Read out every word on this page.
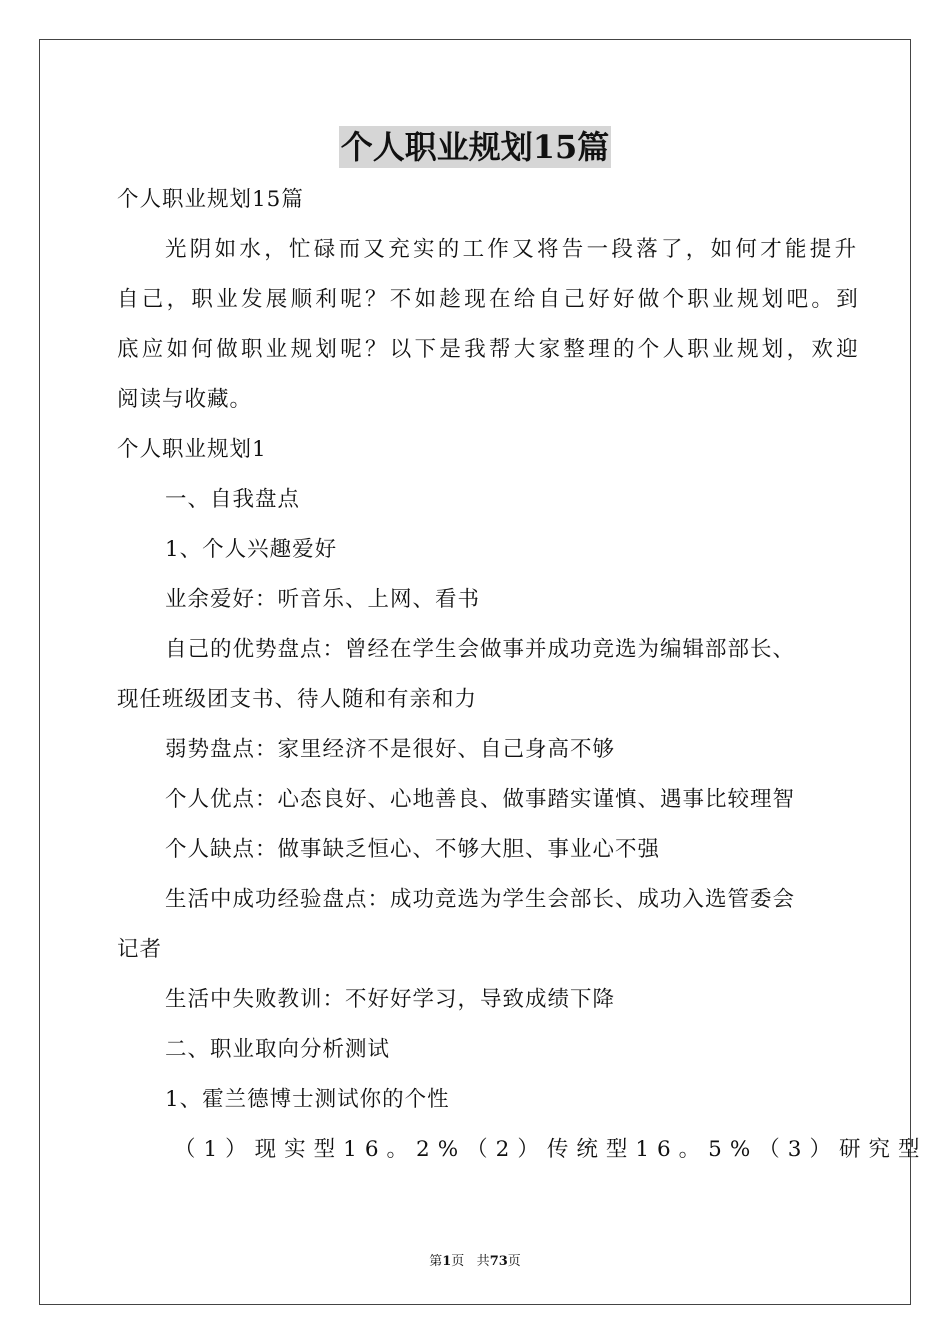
个人职业规划15篇
个人职业规划15篇
光阴如水，忙碌而又充实的工作又将告一段落了，如何才能提升
自己，职业发展顺利呢？不如趁现在给自己好好做个职业规划吧。到
底应如何做职业规划呢？以下是我帮大家整理的个人职业规划，欢迎
阅读与收藏。
个人职业规划1
一、自我盘点
1、个人兴趣爱好
业余爱好：听音乐、上网、看书
自己的优势盘点：曾经在学生会做事并成功竞选为编辑部部长、
现任班级团支书、待人随和有亲和力
弱势盘点：家里经济不是很好、自己身高不够
个人优点：心态良好、心地善良、做事踏实谨慎、遇事比较理智
个人缺点：做事缺乏恒心、不够大胆、事业心不强
生活中成功经验盘点：成功竞选为学生会部长、成功入选管委会
记者
生活中失败教训：不好好学习，导致成绩下降
二、职业取向分析测试
1、霍兰德博士测试你的个性
（1）现实型16。2%（2）传统型16。5%（3）研究型
第1页 共73页
